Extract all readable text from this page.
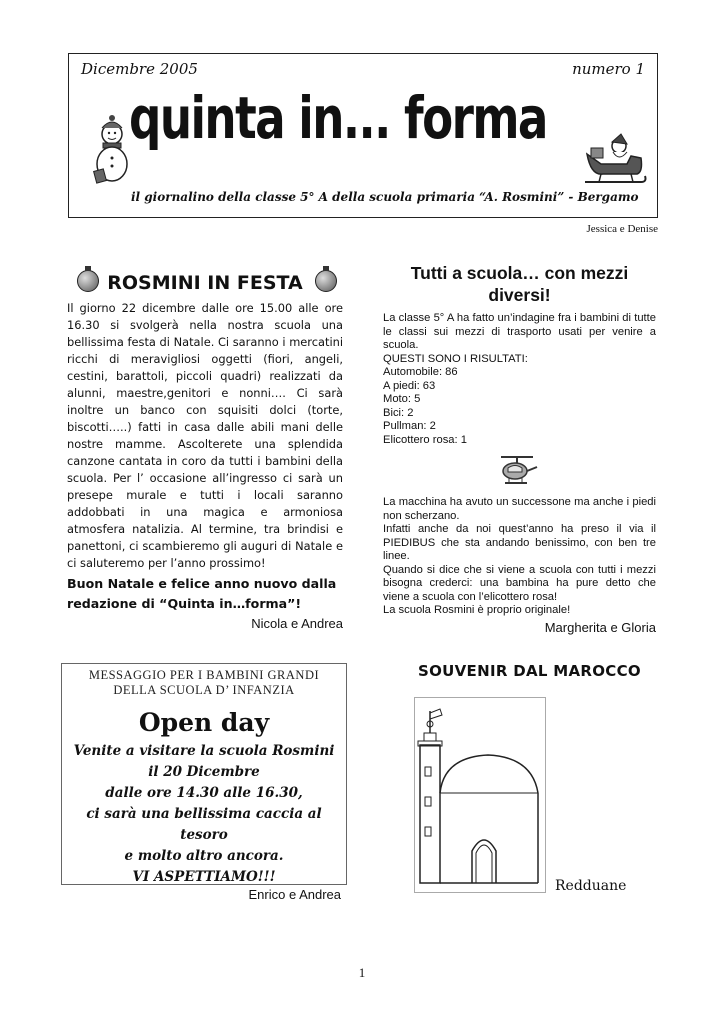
Dicembre 2005	numero 1
quinta in... forma
il giornalino della classe 5° A della scuola primaria “A. Rosmini” - Bergamo
Jessica e Denise
ROSMINI IN FESTA
Il giorno 22 dicembre dalle ore 15.00 alle ore 16.30 si svolgerà nella nostra scuola una bellissima festa di Natale. Ci saranno i mercatini ricchi di meravigliosi oggetti (fiori, angeli, cestini, barattoli, piccoli quadri) realizzati da alunni, maestre,genitori e nonni…. Ci sarà inoltre un banco con squisiti dolci (torte, biscotti…..) fatti in casa dalle abili mani delle nostre mamme. Ascolterete una splendida canzone cantata in coro da tutti i bambini della scuola. Per l’ occasione all’ingresso ci sarà un presepe murale e tutti i locali saranno addobbati in una magica e armoniosa atmosfera natalizia. Al termine, tra brindisi e panettoni, ci scambieremo gli auguri di Natale e ci saluteremo per l’anno prossimo!
Buon Natale e felice anno nuovo dalla redazione di “Quinta in…forma”!
Nicola e Andrea
Tutti a scuola… con mezzi diversi!
La classe 5° A ha fatto un’indagine fra i bambini di tutte le classi sui mezzi di trasporto usati per venire a scuola.
QUESTI SONO I RISULTATI:
Automobile: 86
A piedi: 63
Moto: 5
Bici: 2
Pullman: 2
Elicottero rosa: 1
La macchina ha avuto un successone ma anche i piedi non scherzano.
Infatti anche da noi quest’anno ha preso il via il PIEDIBUS che sta andando benissimo, con ben tre linee.
Quando si dice che si viene a scuola con tutti i mezzi bisogna crederci: una bambina ha pure detto che viene a scuola con l’elicottero rosa!
La scuola Rosmini è proprio originale!
Margherita e Gloria
MESSAGGIO PER I BAMBINI GRANDI
DELLA SCUOLA D’ INFANZIA
Open day
Venite a visitare la scuola Rosmini
il 20 Dicembre
dalle ore 14.30 alle 16.30,
ci sarà una bellissima caccia al tesoro
e molto altro ancora.
VI ASPETTIAMO!!!
Enrico e Andrea
SOUVENIR DAL MAROCCO
Redduane
1
